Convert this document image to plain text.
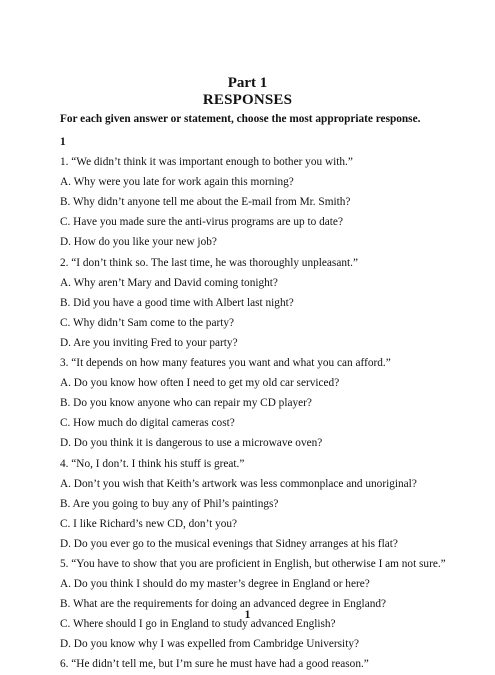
Part 1
RESPONSES
For each given answer or statement, choose the most appropriate response.
1
1. “We didn’t think it was important enough to bother you with.”
A. Why were you late for work again this morning?
B. Why didn’t anyone tell me about the E-mail from Mr. Smith?
C. Have you made sure the anti-virus programs are up to date?
D. How do you like your new job?
2. “I don’t think so. The last time, he was thoroughly unpleasant.”
A. Why aren’t Mary and David coming tonight?
B. Did you have a good time with Albert last night?
C. Why didn’t Sam come to the party?
D. Are you inviting Fred to your party?
3. “It depends on how many features you want and what you can afford.”
A. Do you know how often I need to get my old car serviced?
B. Do you know anyone who can repair my CD player?
C. How much do digital cameras cost?
D. Do you think it is dangerous to use a microwave oven?
4. “No, I don’t. I think his stuff is great.”
A. Don’t you wish that Keith’s artwork was less commonplace and unoriginal?
B. Are you going to buy any of Phil’s paintings?
C. I like Richard’s new CD, don’t you?
D. Do you ever go to the musical evenings that Sidney arranges at his flat?
5. “You have to show that you are proficient in English, but otherwise I am not sure.”
A. Do you think I should do my master’s degree in England or here?
B. What are the requirements for doing an advanced degree in England?
C. Where should I go in England to study advanced English?
D. Do you know why I was expelled from Cambridge University?
6. “He didn’t tell me, but I’m sure he must have had a good reason.”
1
